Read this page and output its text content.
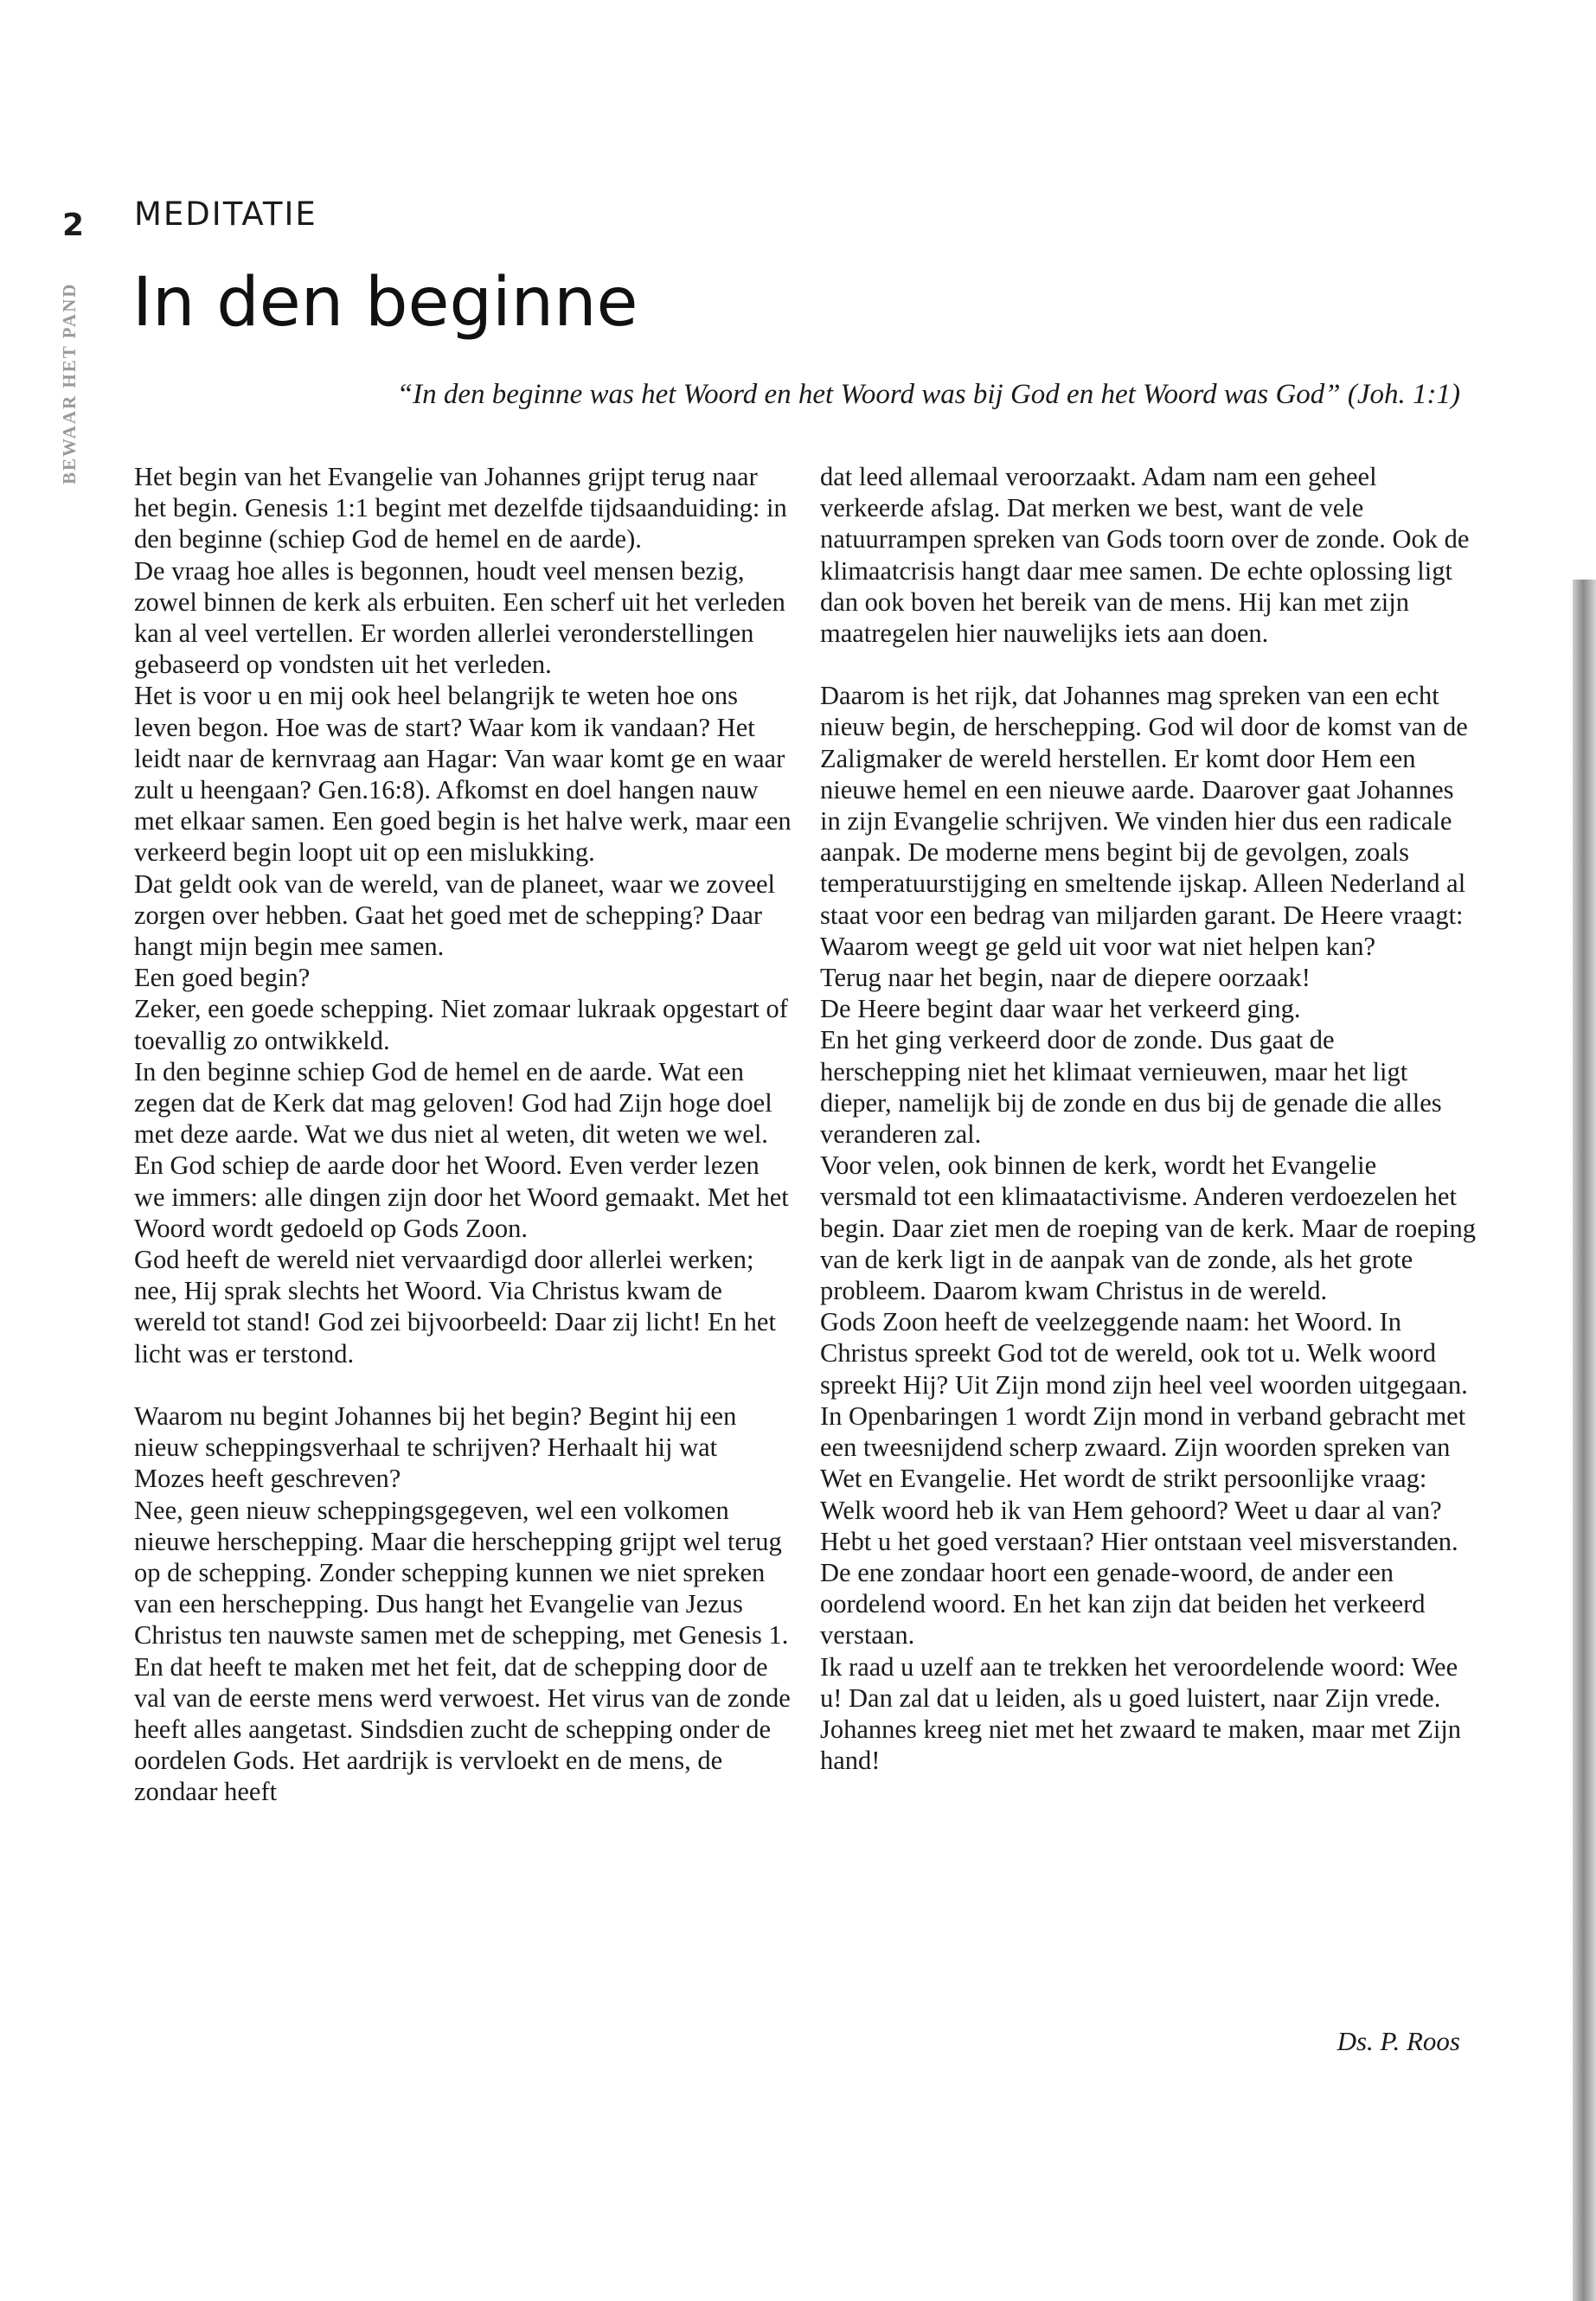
2
BEWAAR HET PAND
MEDITATIE
In den beginne

“In den beginne was het Woord en het Woord was bij God en het Woord was God” (Joh. 1:1)

Het begin van het Evangelie van Johannes grijpt terug naar het begin. Genesis 1:1 begint met dezelfde tijdsaanduiding: in den beginne (schiep God de hemel en de aarde).

De vraag hoe alles is begonnen, houdt veel mensen bezig, zowel binnen de kerk als erbuiten. Een scherf uit het verleden kan al veel vertellen. Er worden allerlei veronderstellingen gebaseerd op vondsten uit het verleden.

Het is voor u en mij ook heel belangrijk te weten hoe ons leven begon. Hoe was de start? Waar kom ik vandaan? Het leidt naar de kernvraag aan Hagar: Van waar komt ge en waar zult u heengaan? Gen.16:8). Afkomst en doel hangen nauw met elkaar samen. Een goed begin is het halve werk, maar een verkeerd begin loopt uit op een mislukking.

Dat geldt ook van de wereld, van de planeet, waar we zoveel zorgen over hebben. Gaat het goed met de schepping? Daar hangt mijn begin mee samen.

Een goed begin?

Zeker, een goede schepping. Niet zomaar lukraak opgestart of toevallig zo ontwikkeld.

In den beginne schiep God de hemel en de aarde. Wat een zegen dat de Kerk dat mag geloven! God had Zijn hoge doel met deze aarde. Wat we dus niet al weten, dit weten we wel.

En God schiep de aarde door het Woord. Even verder lezen we immers: alle dingen zijn door het Woord gemaakt. Met het Woord wordt gedoeld op Gods Zoon.

God heeft de wereld niet vervaardigd door allerlei werken; nee, Hij sprak slechts het Woord. Via Christus kwam de wereld tot stand! God zei bijvoorbeeld: Daar zij licht! En het licht was er terstond.

Waarom nu begint Johannes bij het begin? Begint hij een nieuw scheppingsverhaal te schrijven? Herhaalt hij wat Mozes heeft geschreven?

Nee, geen nieuw scheppingsgegeven, wel een volkomen nieuwe herschepping. Maar die herschepping grijpt wel terug op de schepping. Zonder schepping kunnen we niet spreken van een herschepping. Dus hangt het Evangelie van Jezus Christus ten nauwste samen met de schepping, met Genesis 1.

En dat heeft te maken met het feit, dat de schepping door de val van de eerste mens werd verwoest. Het virus van de zonde heeft alles aangetast. Sindsdien zucht de schepping onder de oordelen Gods. Het aardrijk is vervloekt en de mens, de zondaar heeft

dat leed allemaal veroorzaakt. Adam nam een geheel verkeerde afslag. Dat merken we best, want de vele natuurrampen spreken van Gods toorn over de zonde. Ook de klimaatcrisis hangt daar mee samen. De echte oplossing ligt dan ook boven het bereik van de mens. Hij kan met zijn maatregelen hier nauwelijks iets aan doen.

Daarom is het rijk, dat Johannes mag spreken van een echt nieuw begin, de herschepping. God wil door de komst van de Zaligmaker de wereld herstellen. Er komt door Hem een nieuwe hemel en een nieuwe aarde. Daarover gaat Johannes in zijn Evangelie schrijven. We vinden hier dus een radicale aanpak. De moderne mens begint bij de gevolgen, zoals temperatuurstijging en smeltende ijskap. Alleen Nederland al staat voor een bedrag van miljarden garant. De Heere vraagt: Waarom weegt ge geld uit voor wat niet helpen kan?

Terug naar het begin, naar de diepere oorzaak!

De Heere begint daar waar het verkeerd ging.

En het ging verkeerd door de zonde. Dus gaat de herschepping niet het klimaat vernieuwen, maar het ligt dieper, namelijk bij de zonde en dus bij de genade die alles veranderen zal.

Voor velen, ook binnen de kerk, wordt het Evangelie versmald tot een klimaatactivisme. Anderen verdoezelen het begin. Daar ziet men de roeping van de kerk. Maar de roeping van de kerk ligt in de aanpak van de zonde, als het grote probleem. Daarom kwam Christus in de wereld.

Gods Zoon heeft de veelzeggende naam: het Woord. In Christus spreekt God tot de wereld, ook tot u. Welk woord spreekt Hij? Uit Zijn mond zijn heel veel woorden uitgegaan. In Openbaringen 1 wordt Zijn mond in verband gebracht met een tweesnijdend scherp zwaard. Zijn woorden spreken van Wet en Evangelie. Het wordt de strikt persoonlijke vraag: Welk woord heb ik van Hem gehoord? Weet u daar al van? Hebt u het goed verstaan? Hier ontstaan veel misverstanden. De ene zondaar hoort een genade-woord, de ander een oordelend woord. En het kan zijn dat beiden het verkeerd verstaan.

Ik raad u uzelf aan te trekken het veroordelende woord: Wee u! Dan zal dat u leiden, als u goed luistert, naar Zijn vrede. Johannes kreeg niet met het zwaard te maken, maar met Zijn hand!

Ds. P. Roos
